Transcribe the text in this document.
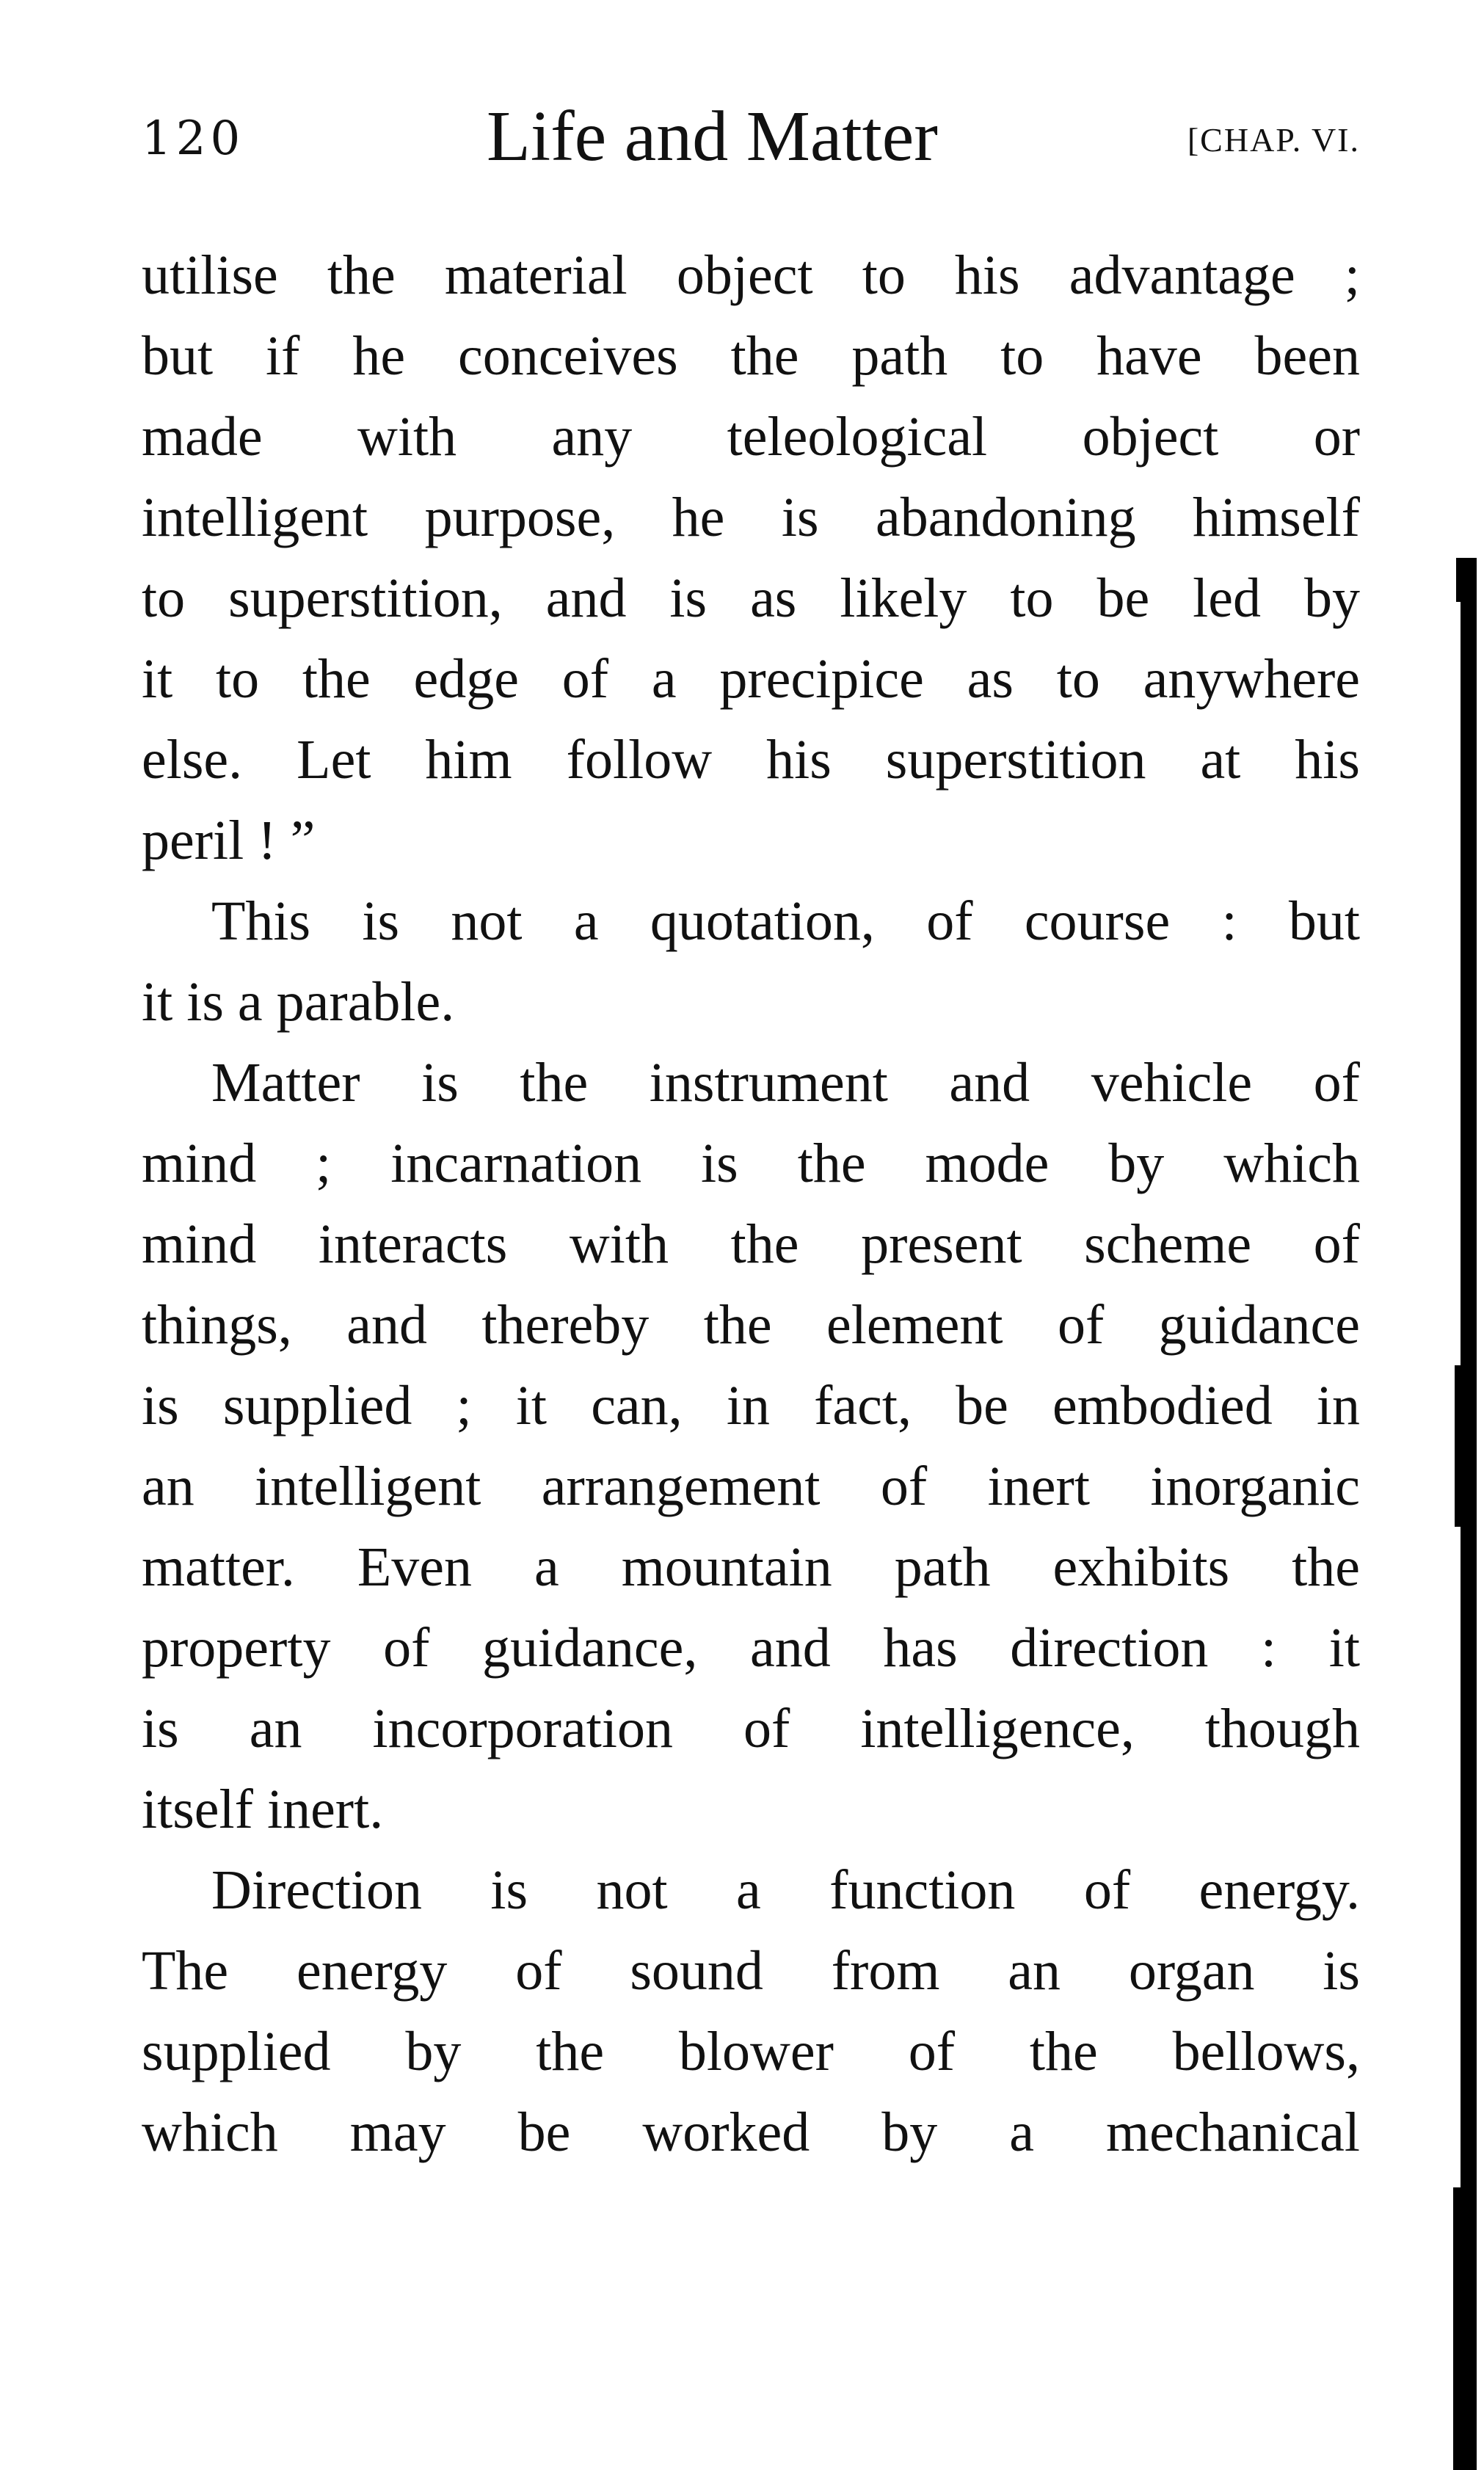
120	Life and Matter	[CHAP. VI.
utilise the material object to his advantage ;
but if he conceives the path to have been
made with any teleological object or
intelligent purpose, he is abandoning himself
to superstition, and is as likely to be led by
it to the edge of a precipice as to anywhere
else. Let him follow his superstition at his
peril ! ”
This is not a quotation, of course : but
it is a parable.
Matter is the instrument and vehicle of
mind ; incarnation is the mode by which
mind interacts with the present scheme of
things, and thereby the element of guidance
is supplied ; it can, in fact, be embodied in
an intelligent arrangement of inert inorganic
matter. Even a mountain path exhibits the
property of guidance, and has direction : it
is an incorporation of intelligence, though
itself inert.
Direction is not a function of energy.
The energy of sound from an organ is
supplied by the blower of the bellows,
which may be worked by a mechanical
